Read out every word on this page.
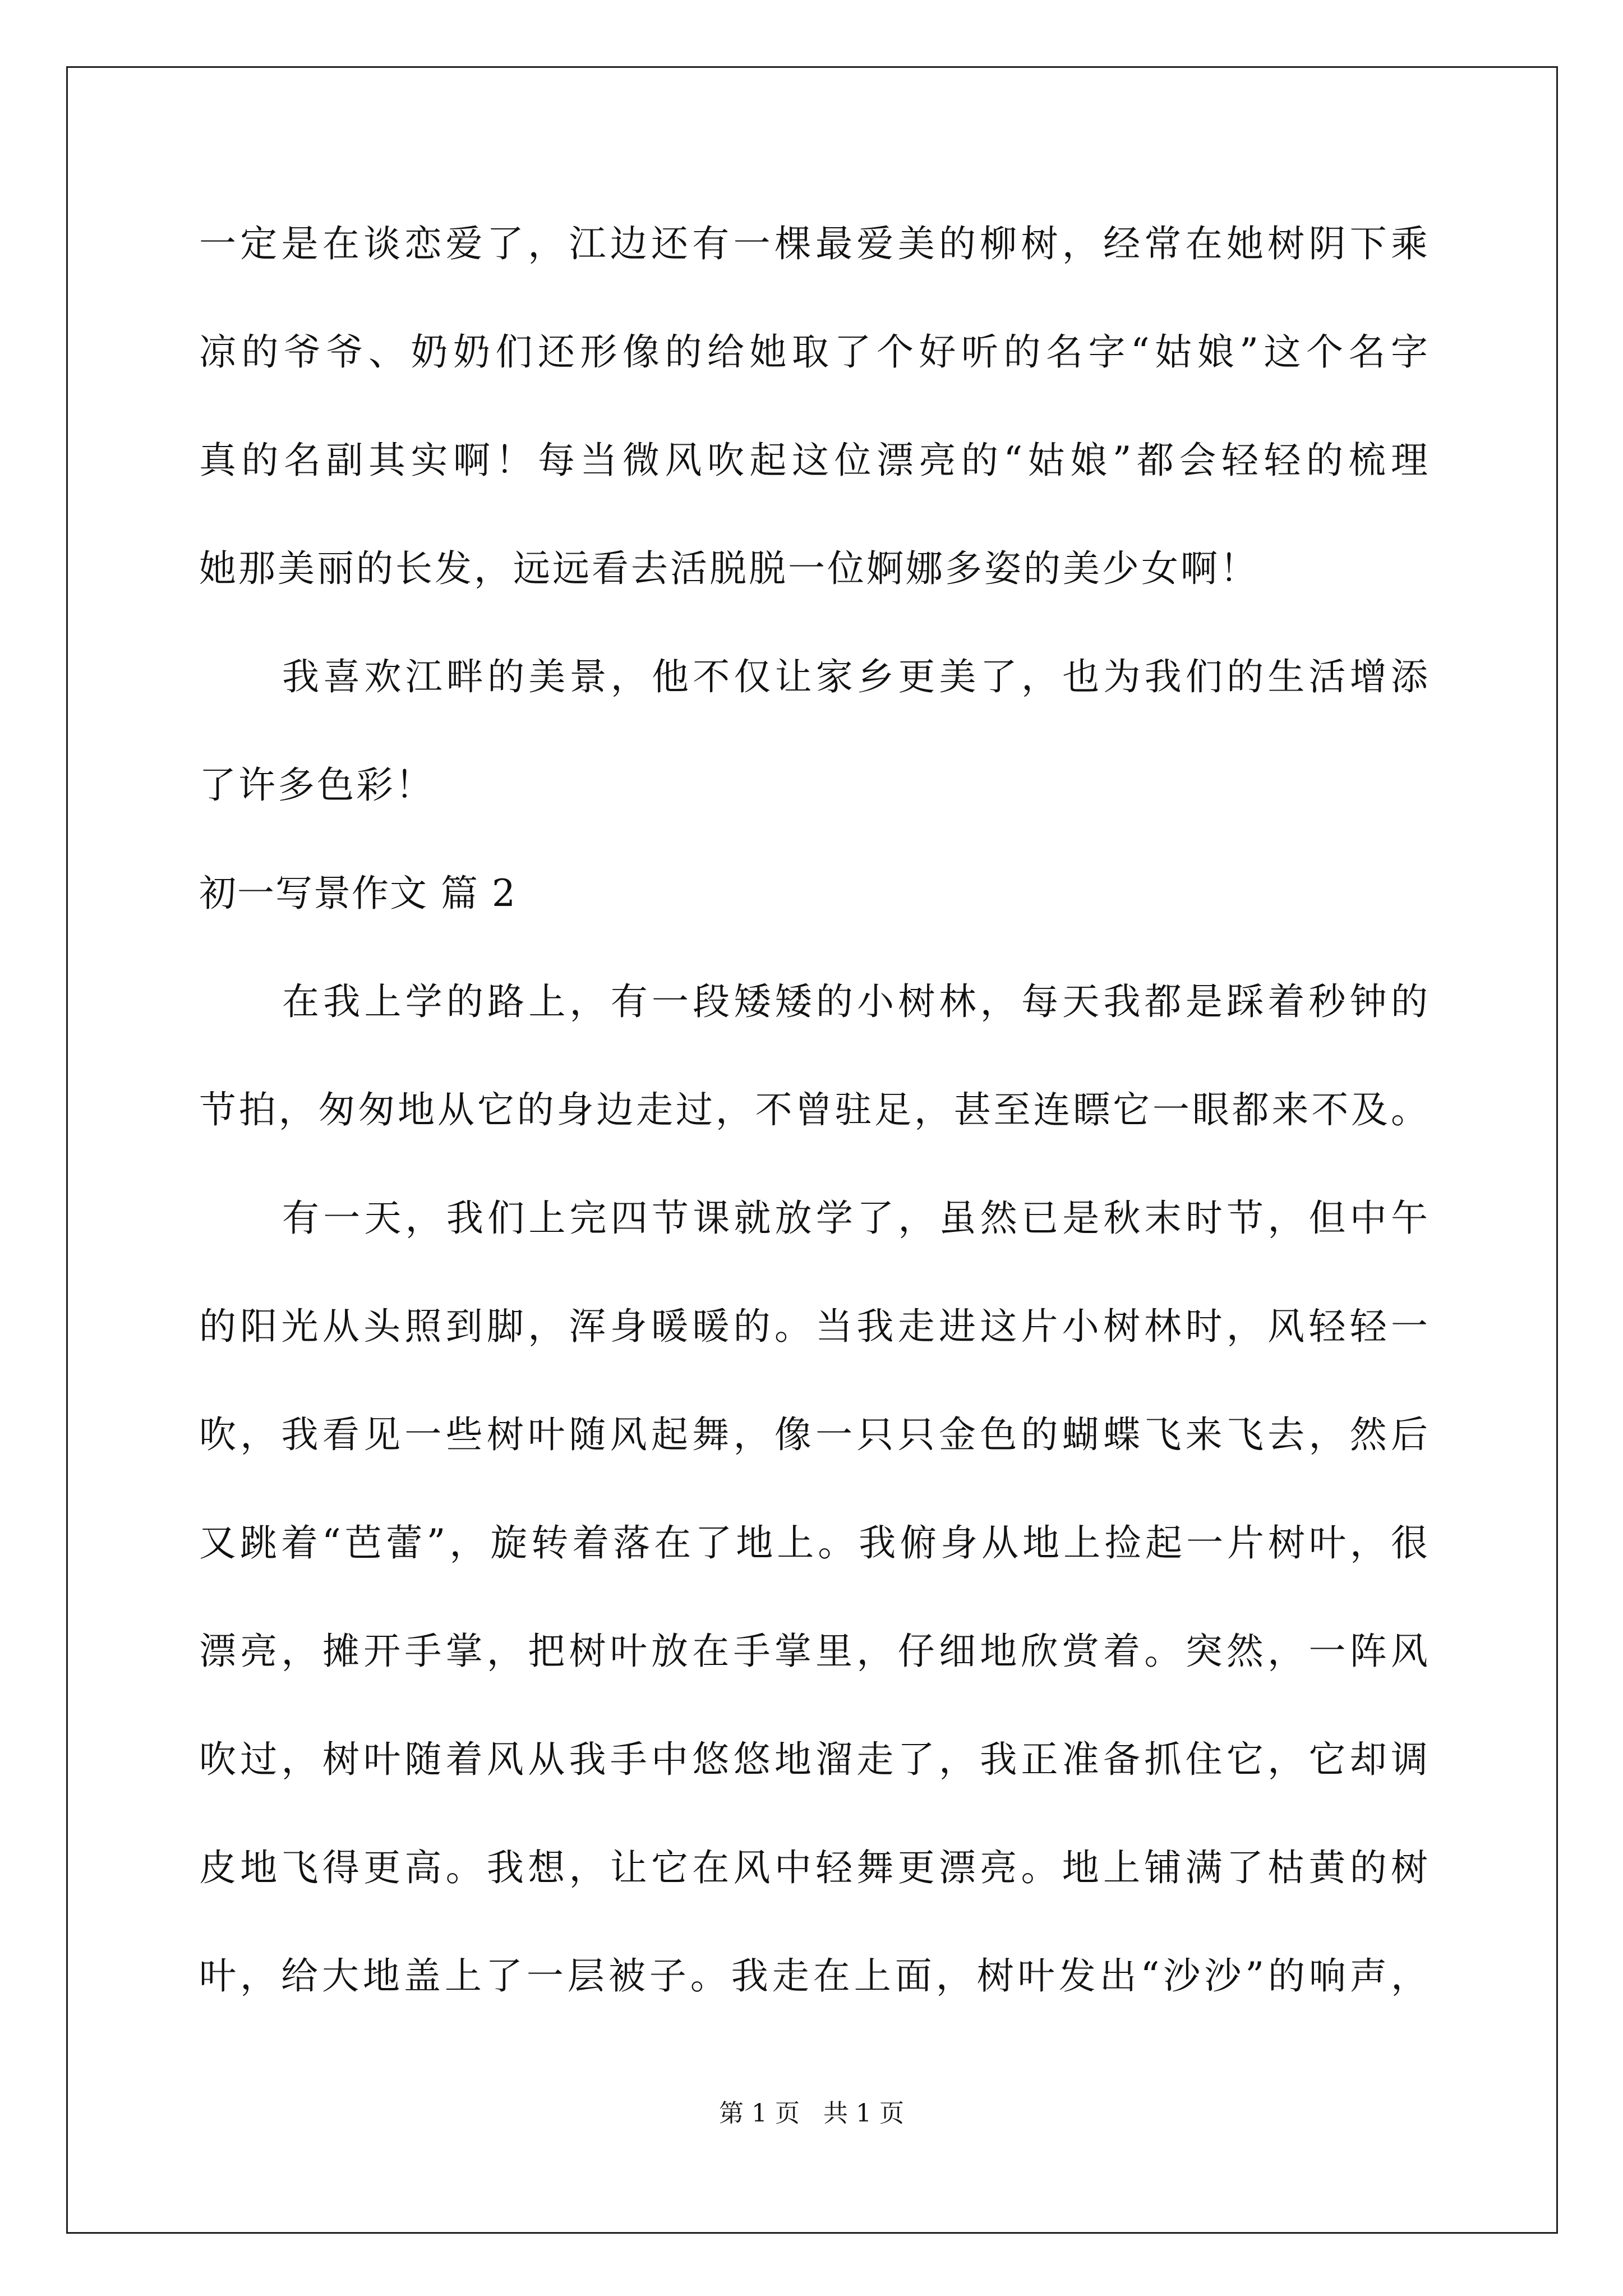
一定是在谈恋爱了，江边还有一棵最爱美的柳树，经常在她树阴下乘
凉的爷爷、奶奶们还形像的给她取了个好听的名字“姑娘”这个名字
真的名副其实啊！每当微风吹起这位漂亮的“姑娘”都会轻轻的梳理
她那美丽的长发，远远看去活脱脱一位婀娜多姿的美少女啊！
我喜欢江畔的美景，他不仅让家乡更美了，也为我们的生活增添
了许多色彩！
初一写景作文 篇 2
在我上学的路上，有一段矮矮的小树林，每天我都是踩着秒钟的
节拍，匆匆地从它的身边走过，不曾驻足，甚至连瞟它一眼都来不及。
有一天，我们上完四节课就放学了，虽然已是秋末时节，但中午
的阳光从头照到脚，浑身暖暖的。当我走进这片小树林时，风轻轻一
吹，我看见一些树叶随风起舞，像一只只金色的蝴蝶飞来飞去，然后
又跳着“芭蕾”，旋转着落在了地上。我俯身从地上捡起一片树叶，很
漂亮，摊开手掌，把树叶放在手掌里，仔细地欣赏着。突然，一阵风
吹过，树叶随着风从我手中悠悠地溜走了，我正准备抓住它，它却调
皮地飞得更高。我想，让它在风中轻舞更漂亮。地上铺满了枯黄的树
叶，给大地盖上了一层被子。我走在上面，树叶发出“沙沙”的响声，
第 1 页   共 1 页
